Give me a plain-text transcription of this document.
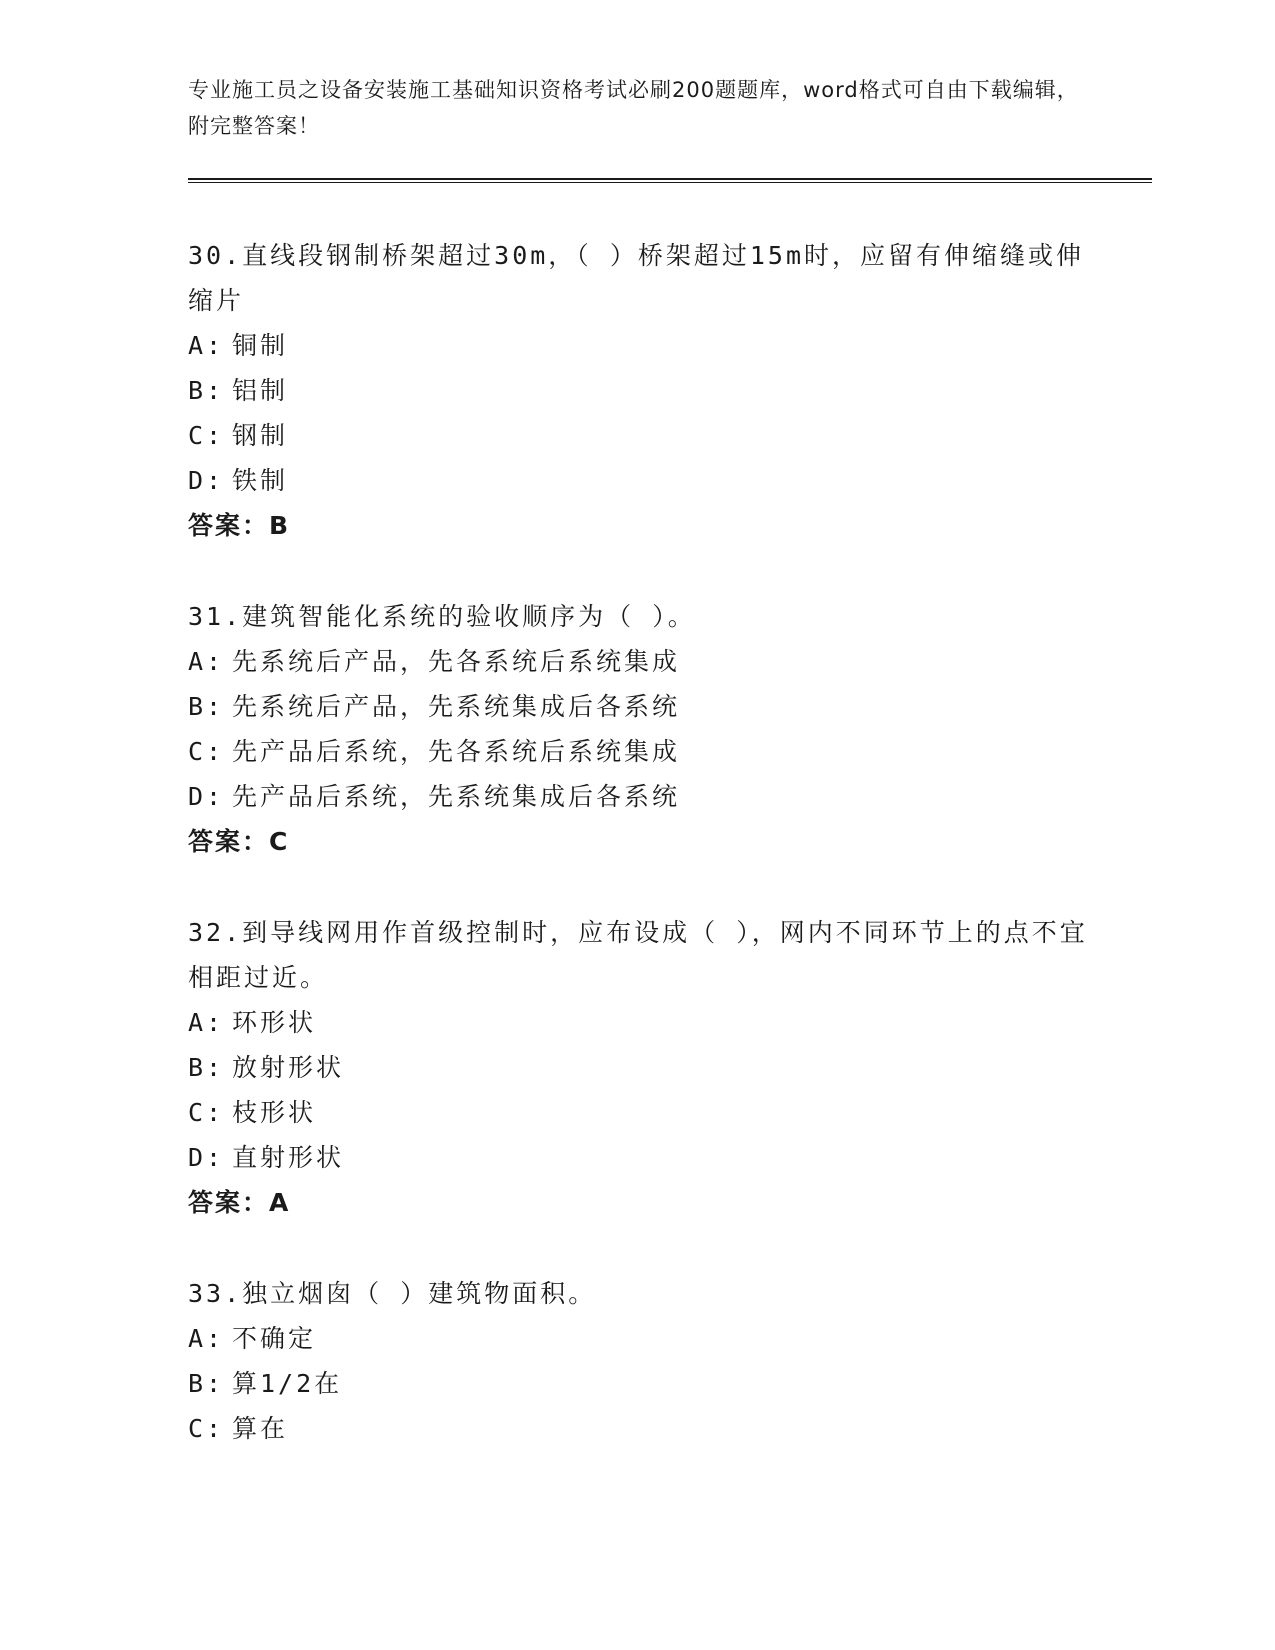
专业施工员之设备安装施工基础知识资格考试必刷200题题库，word格式可自由下载编辑，附完整答案！

30.直线段钢制桥架超过30m，（ ）桥架超过15m时，应留有伸缩缝或伸缩片

A: 铜制
B: 铝制
C: 钢制
D: 铁制
答案：B

31.建筑智能化系统的验收顺序为（ ）。

A: 先系统后产品，先各系统后系统集成
B: 先系统后产品，先系统集成后各系统
C: 先产品后系统，先各系统后系统集成
D: 先产品后系统，先系统集成后各系统
答案：C

32.到导线网用作首级控制时，应布设成（ ），网内不同环节上的点不宜相距过近。

A: 环形状
B: 放射形状
C: 枝形状
D: 直射形状
答案：A

33.独立烟囱（ ）建筑物面积。

A: 不确定
B: 算1/2在
C: 算在
